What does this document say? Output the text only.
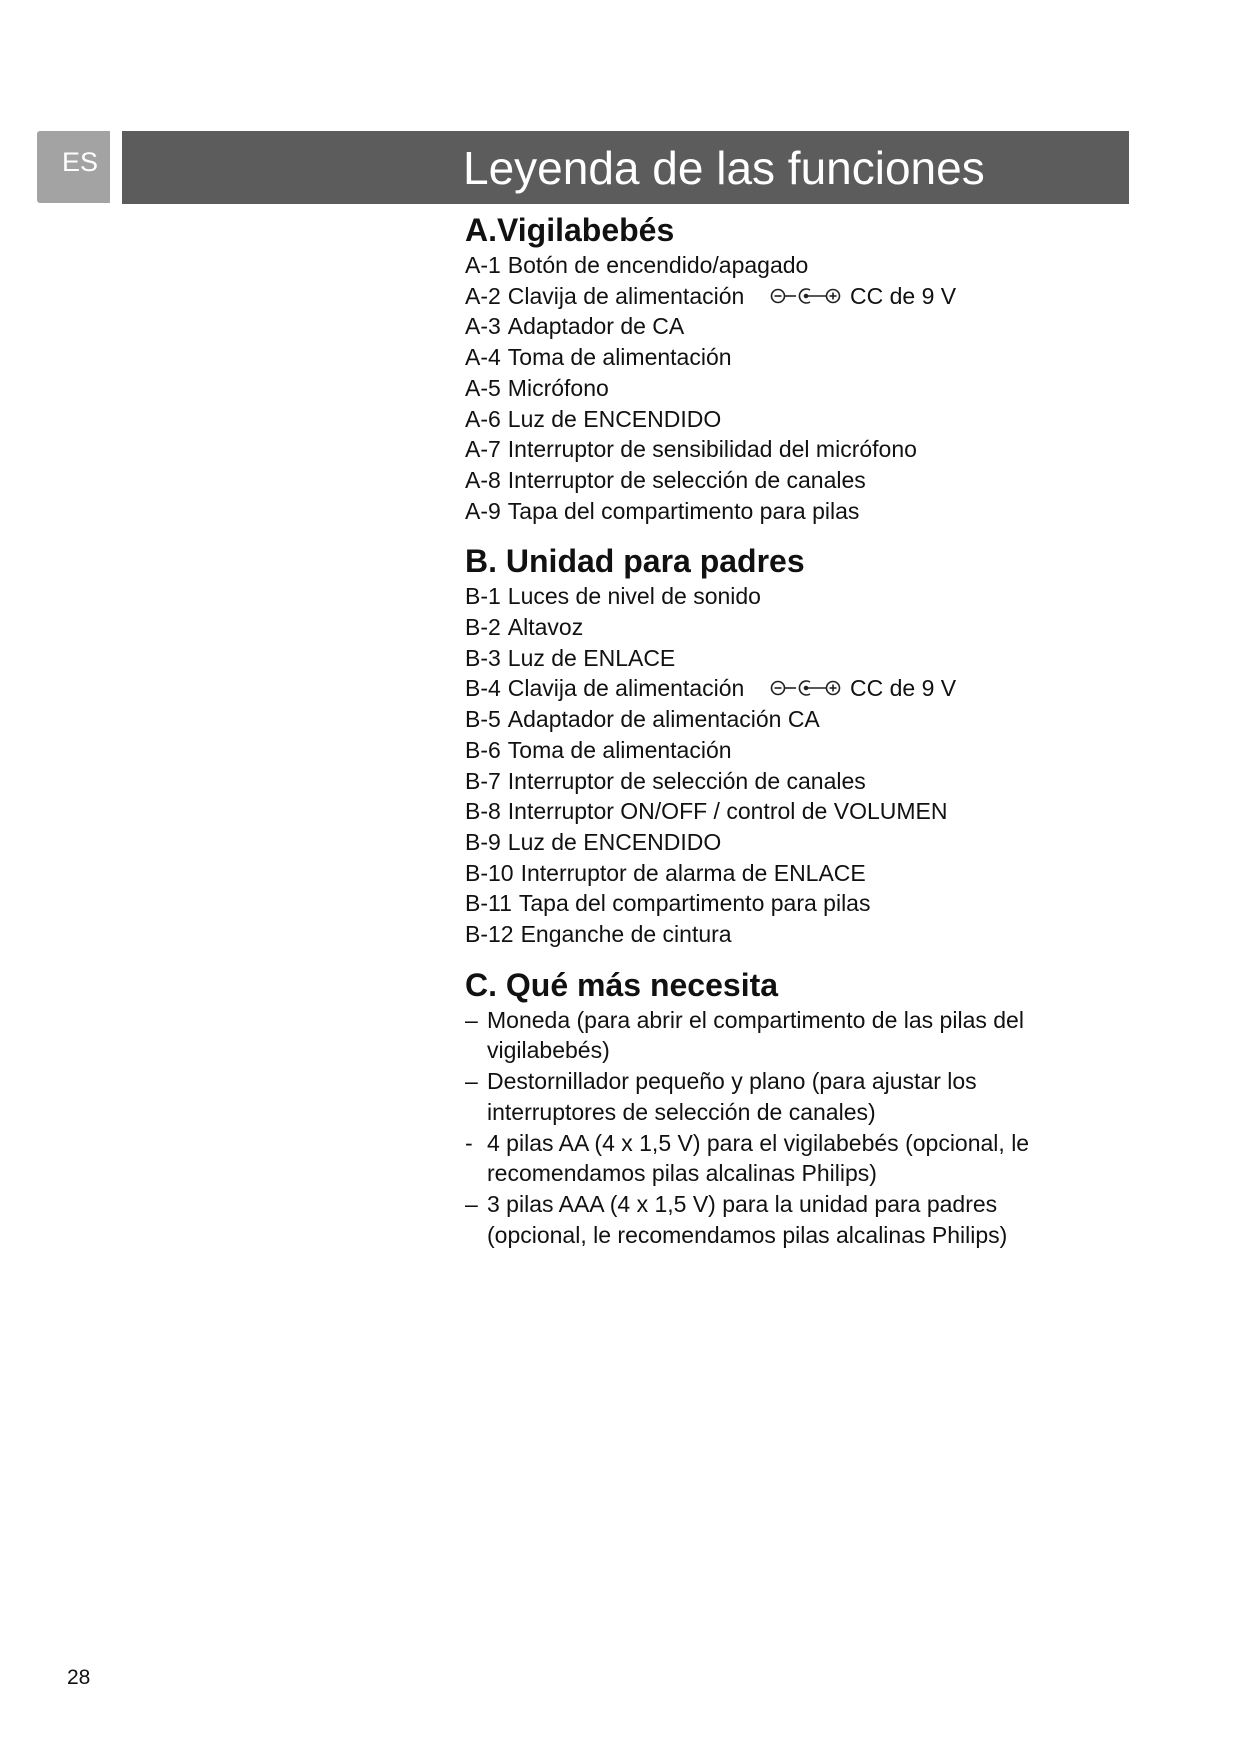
ES	Leyenda de las funciones
A.Vigilabebés
A-1 Botón de encendido/apagado
A-2 Clavija de alimentación	CC de 9 V
A-3 Adaptador de CA
A-4 Toma de alimentación
A-5 Micrófono
A-6 Luz de ENCENDIDO
A-7 Interruptor de sensibilidad del micrófono
A-8 Interruptor de selección de canales
A-9 Tapa del compartimento para pilas
B. Unidad para padres
B-1 Luces de nivel de sonido
B-2 Altavoz
B-3 Luz de ENLACE
B-4 Clavija de alimentación	CC de 9 V
B-5 Adaptador de alimentación CA
B-6 Toma de alimentación
B-7 Interruptor de selección de canales
B-8 Interruptor ON/OFF / control de VOLUMEN
B-9 Luz de ENCENDIDO
B-10 Interruptor de alarma de ENLACE
B-11 Tapa del compartimento para pilas
B-12 Enganche de cintura
C. Qué más necesita
– Moneda (para abrir el compartimento de las pilas del vigilabebés)
– Destornillador pequeño y plano (para ajustar los interruptores de selección de canales)
- 4 pilas AA (4 x 1,5 V) para el vigilabebés (opcional, le recomendamos pilas alcalinas Philips)
– 3 pilas AAA (4 x 1,5 V) para la unidad para padres (opcional, le recomendamos pilas alcalinas Philips)
28
